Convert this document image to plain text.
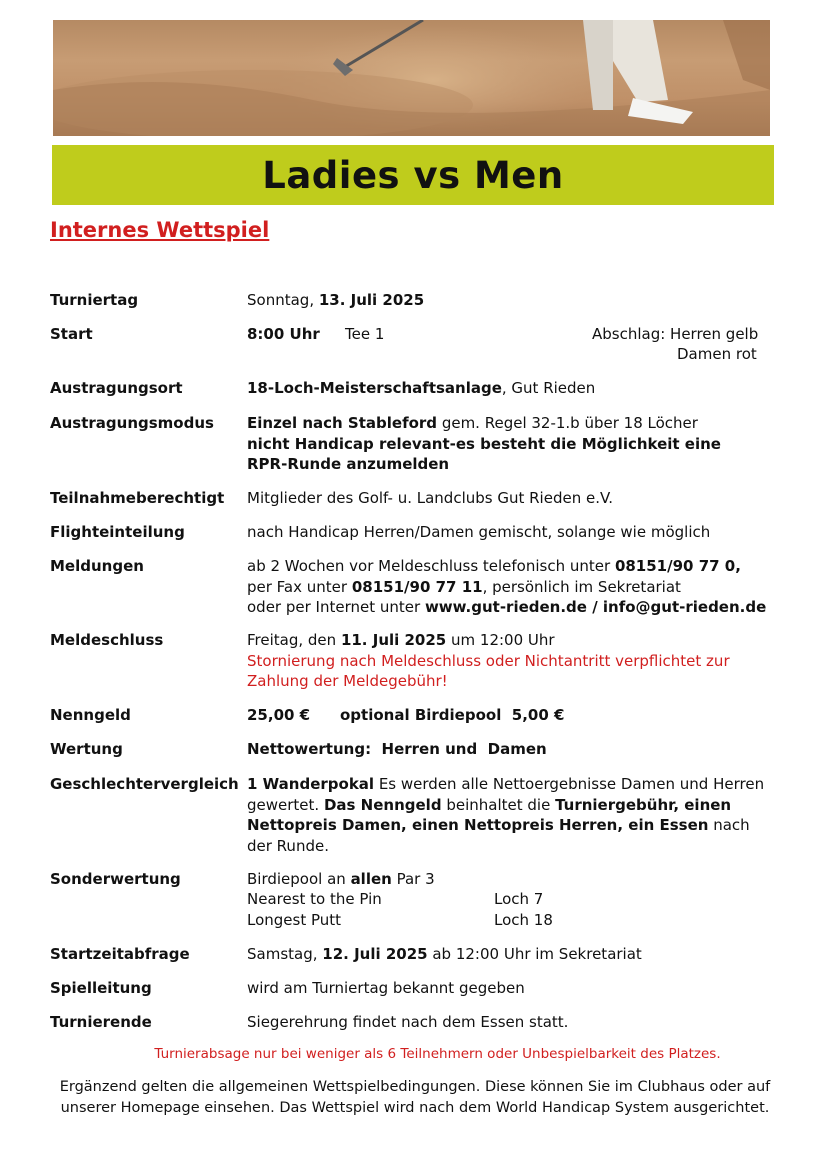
Ladies vs Men
Internes Wettspiel
Turniertag	Sonntag, 13. Juli 2025
Start	8:00 Uhr Tee 1	Abschlag: Herren gelb
Damen rot
Austragungsort	18-Loch-Meisterschaftsanlage, Gut Rieden
Austragungsmodus Einzel nach Stableford gem. Regel 32-1.b über 18 Löcher
nicht Handicap relevant-es besteht die Möglichkeit eine RPR-Runde anzumelden
Teilnahmeberechtigt Mitglieder des Golf- u. Landclubs Gut Rieden e.V.
Flighteinteilung	nach Handicap Herren/Damen gemischt, solange wie möglich
Meldungen	ab 2 Wochen vor Meldeschluss telefonisch unter 08151/90 77 0,
per Fax unter 08151/90 77 11, persönlich im Sekretariat
oder per Internet unter www.gut-rieden.de / info@gut-rieden.de
Meldeschluss	Freitag, den 11. Juli 2025 um 12:00 Uhr
Stornierung nach Meldeschluss oder Nichtantritt verpflichtet zur Zahlung der Meldegebühr!
Nenngeld	25,00 € optional Birdiepool  5,00 €
Wertung	Nettowertung:  Herren und  Damen
Geschlechtervergleich 1 Wanderpokal Es werden alle Nettoergebnisse Damen und Herren gewertet. Das Nenngeld beinhaltet die Turniergebühr, einen Nettopreis Damen, einen Nettopreis Herren, ein Essen nach der Runde.
Sonderwertung	Birdiepool an allen Par 3
Nearest to the Pin	Loch 7
Longest Putt	Loch 18
Startzeitabfrage	Samstag, 12. Juli 2025 ab 12:00 Uhr im Sekretariat
Spielleitung	wird am Turniertag bekannt gegeben
Turnierende	Siegerehrung findet nach dem Essen statt.
Turnierabsage nur bei weniger als 6 Teilnehmern oder Unbespielbarkeit des Platzes.
Ergänzend gelten die allgemeinen Wettspielbedingungen. Diese können Sie im Clubhaus oder auf unserer Homepage einsehen. Das Wettspiel wird nach dem World Handicap System ausgerichtet.
